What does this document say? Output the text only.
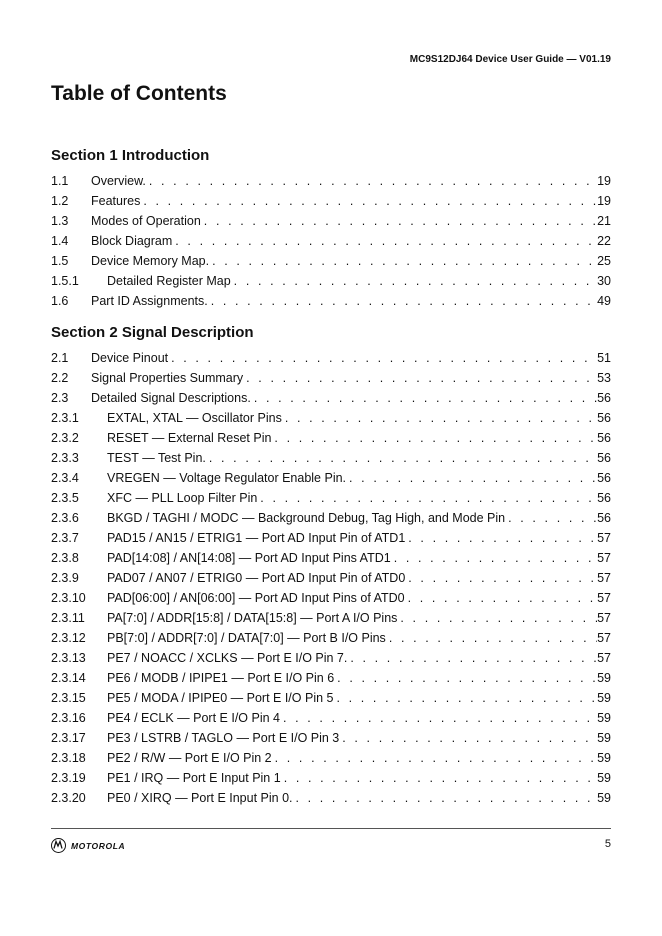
MC9S12DJ64 Device User Guide — V01.19
Table of Contents
Section 1 Introduction
1.1	Overview. . . .	19
1.2	Features . . .	19
1.3	Modes of Operation . . .	21
1.4	Block Diagram . . .	22
1.5	Device Memory Map. . . .	25
1.5.1	Detailed Register Map . . .	30
1.6	Part ID Assignments. . . .	49
Section 2 Signal Description
2.1	Device Pinout . . .	51
2.2	Signal Properties Summary . . .	53
2.3	Detailed Signal Descriptions. . . .	56
2.3.1	EXTAL, XTAL — Oscillator Pins . . .	56
2.3.2	RESET — External Reset Pin . . .	56
2.3.3	TEST — Test Pin. . . .	56
2.3.4	VREGEN — Voltage Regulator Enable Pin. . . .	56
2.3.5	XFC — PLL Loop Filter Pin . . .	56
2.3.6	BKGD / TAGHI / MODC — Background Debug, Tag High, and Mode Pin . . .	56
2.3.7	PAD15 / AN15 / ETRIG1 — Port AD Input Pin of ATD1 . . .	57
2.3.8	PAD[14:08] / AN[14:08] — Port AD Input Pins ATD1 . . .	57
2.3.9	PAD07 / AN07 / ETRIG0 — Port AD Input Pin of ATD0 . . .	57
2.3.10	PAD[06:00] / AN[06:00] — Port AD Input Pins of ATD0 . . .	57
2.3.11	PA[7:0] / ADDR[15:8] / DATA[15:8] — Port A I/O Pins . . .	57
2.3.12	PB[7:0] / ADDR[7:0] / DATA[7:0] — Port B I/O Pins . . .	57
2.3.13	PE7 / NOACC / XCLKS — Port E I/O Pin 7. . . .	57
2.3.14	PE6 / MODB / IPIPE1 — Port E I/O Pin 6 . . .	59
2.3.15	PE5 / MODA / IPIPE0 — Port E I/O Pin 5 . . .	59
2.3.16	PE4 / ECLK — Port E I/O Pin 4 . . .	59
2.3.17	PE3 / LSTRB / TAGLO — Port E I/O Pin 3 . . .	59
2.3.18	PE2 / R/W — Port E I/O Pin 2 . . .	59
2.3.19	PE1 / IRQ — Port E Input Pin 1 . . .	59
2.3.20	PE0 / XIRQ — Port E Input Pin 0. . . .	59
MOTOROLA	5
